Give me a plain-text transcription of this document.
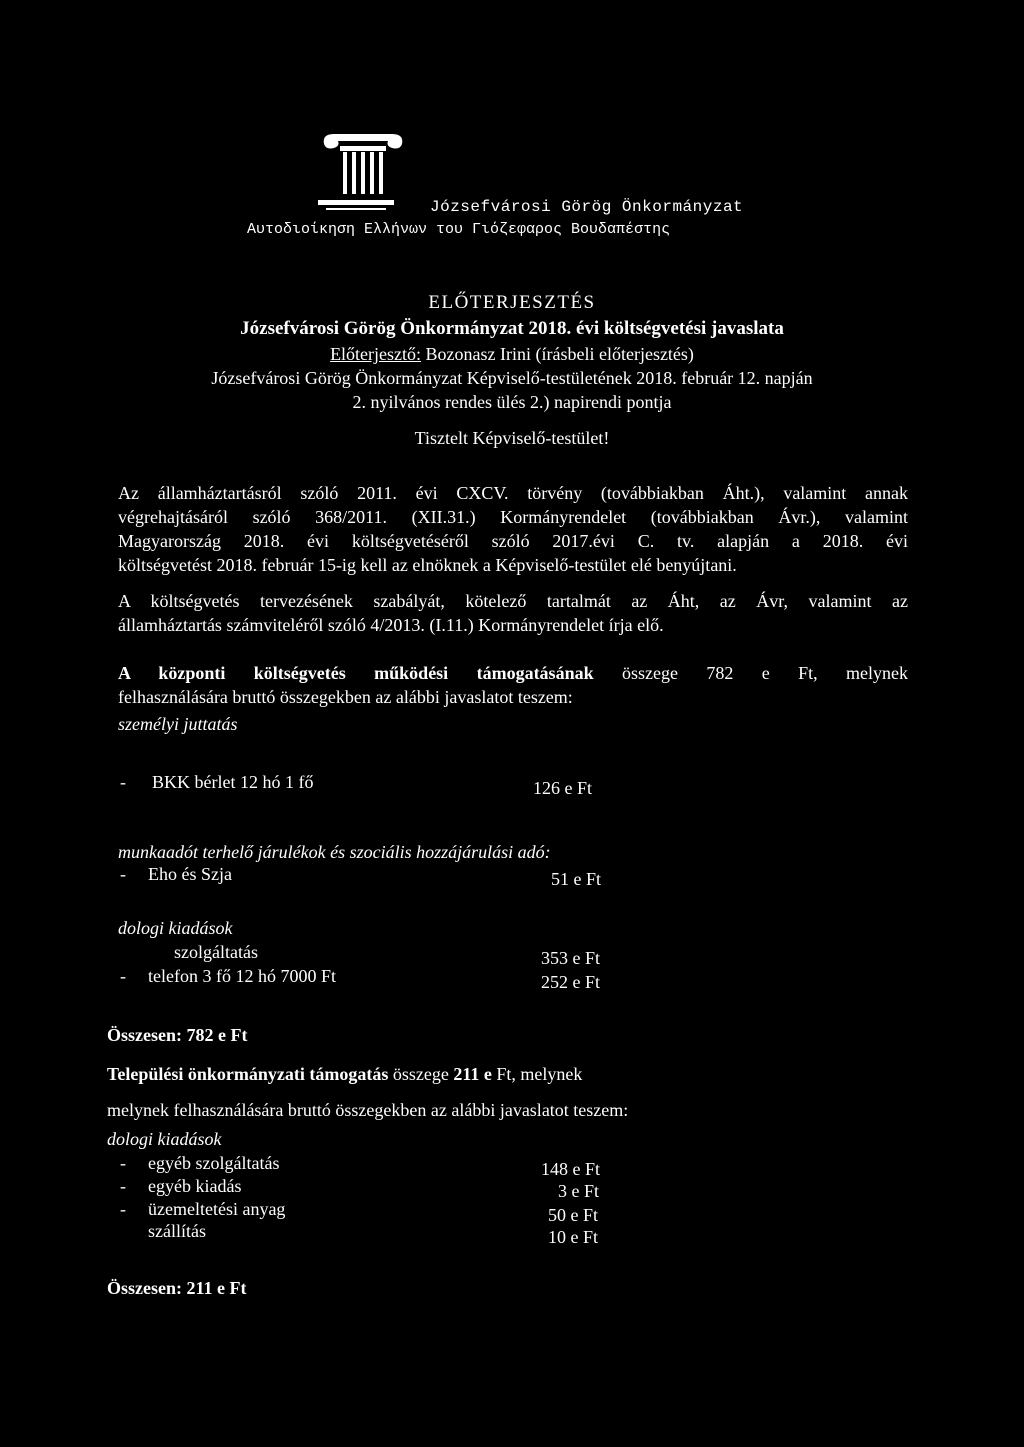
Józsefvárosi Görög Önkormányzat
Αυτοδιοίκηση Ελλήνων του Γιόζεφαρος Βουδαπέστης
ELŐTERJESZTÉS
Józsefvárosi Görög Önkormányzat 2018. évi költségvetési javaslata
Előterjesztő: Bozonasz Irini (írásbeli előterjesztés)
Józsefvárosi Görög Önkormányzat Képviselő-testületének 2018. február 12. napján
2. nyilvános rendes ülés 2.) napirendi pontja
Tisztelt Képviselő-testület!
Az államháztartásról szóló 2011. évi CXCV. törvény (továbbiakban Áht.), valamint annak
végrehajtásáról szóló 368/2011. (XII.31.) Kormányrendelet (továbbiakban Ávr.), valamint
Magyarország 2018. évi költségvetéséről szóló 2017.évi C. tv. alapján a 2018. évi
költségvetést 2018. február 15-ig kell az elnöknek a Képviselő-testület elé benyújtani.
A költségvetés tervezésének szabályát, kötelező tartalmát az Áht, az Ávr, valamint az
államháztartás számviteléről szóló 4/2013. (I.11.) Kormányrendelet írja elő.
A központi költségvetés működési támogatásának összege 782 e Ft, melynek
felhasználására bruttó összegekben az alábbi javaslatot teszem:
személyi juttatás
- BKK bérlet 12 hó 1 fő	126 e Ft
munkaadót terhelő járulékok és szociális hozzájárulási adó:
- Eho és Szja	51 e Ft
dologi kiadások
szolgáltatás	353 e Ft
- telefon 3 fő 12 hó 7000 Ft	252 e Ft
Összesen: 782 e Ft
Települési önkormányzati támogatás összege 211 e Ft, melynek
melynek felhasználására bruttó összegekben az alábbi javaslatot teszem:
dologi kiadások
- egyéb szolgáltatás	148 e Ft
- egyéb kiadás	3 e Ft
- üzemeltetési anyag	50 e Ft
szállítás	10 e Ft
Összesen: 211 e Ft
